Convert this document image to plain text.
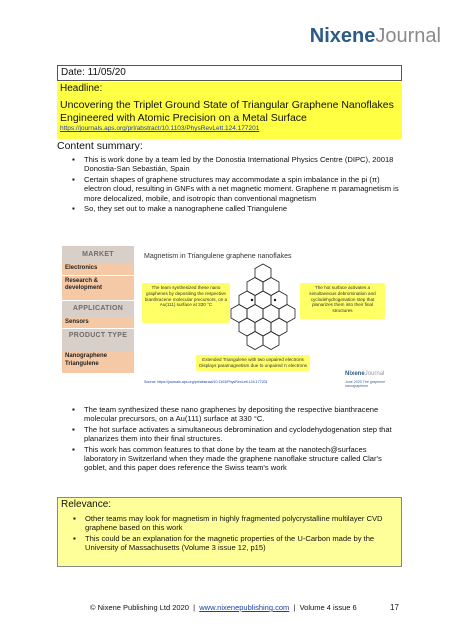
NixeneJournal
Date: 11/05/20
Headline:
Uncovering the Triplet Ground State of Triangular Graphene Nanoflakes Engineered with Atomic Precision on a Metal Surface
https://journals.aps.org/prl/abstract/10.1103/PhysRevLett.124.177201
Content summary:
▪ This is work done by a team led by the Donostia International Physics Centre (DIPC), 20018 Donostia-San Sebastián, Spain
▪ Certain shapes of graphene structures may accommodate a spin imbalance in the pi (π) electron cloud, resulting in GNFs with a net magnetic moment. Graphene π paramagnetism is more delocalized, mobile, and isotropic than conventional magnetism
▪ So, they set out to make a nanographene called Triangulene
MARKET
Electronics
Research & development
APPLICATION
Sensors
PRODUCT TYPE
Nanographene Triangulene
Magnetism in Triangulene graphene nanoflakes
The team synthesized these nano graphenes by depositing the respective bianthracene molecular precursors, on a Au(111) surface at 330 °C
The hot surface activates a simultaneous debromination and cyclodehydrogenation step that planarizes them into their final structures
Extended Triangulene with two unpaired electrons Displays paramagnetism due to unpaired π electrons
Source: https://journals.aps.org/prl/abstract/10.1103/PhysRevLett.124.177201
NixeneJournal
June 2020 The graphene nanographene
▪ The team synthesized these nano graphenes by depositing the respective bianthracene molecular precursors, on a Au(111) surface at 330 °C.
▪ The hot surface activates a simultaneous debromination and cyclodehydogenation step that planarizes them into their final structures.
▪ This work has common features to that done by the team at the nanotech@surfaces laboratory in Switzerland when they made the graphene nanoflake structure called Clar's goblet, and this paper does reference the Swiss team's work
Relevance:
▪ Other teams may look for magnetism in highly fragmented polycrystalline multilayer CVD graphene based on this work
▪ This could be an explanation for the magnetic properties of the U-Carbon made by the University of Massachusetts (Volume 3 issue 12, p15)
© Nixene Publishing Ltd 2020 | www.nixenepublishing.com | Volume 4 issue 6	17
